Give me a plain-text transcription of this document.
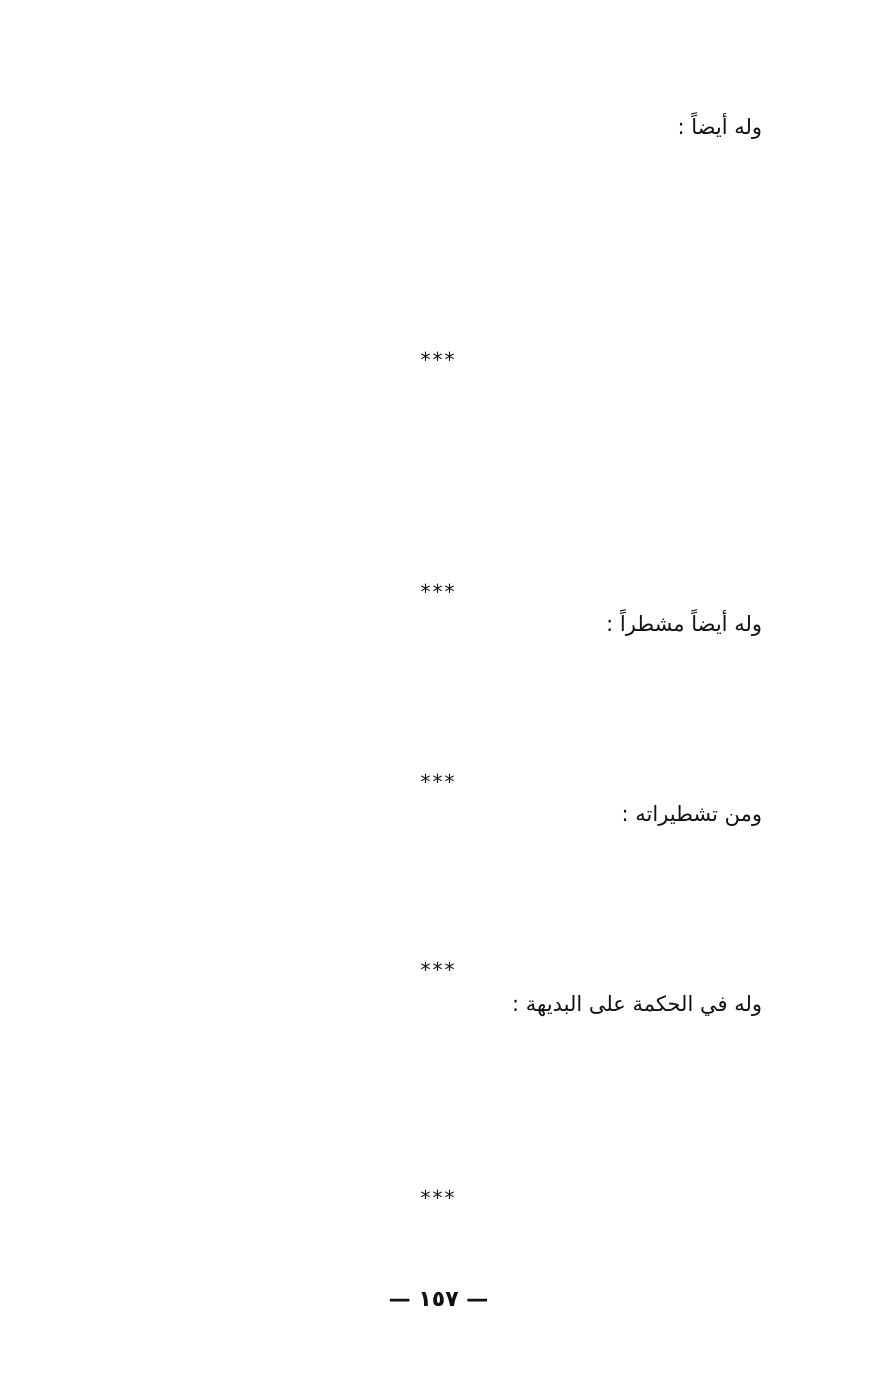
وله أيضاً :
***
***
وله أيضاً مشطراً :
***
ومن تشطيراته :
***
وله في الحكمة على البديهة :
***
— ١٥٧ —
